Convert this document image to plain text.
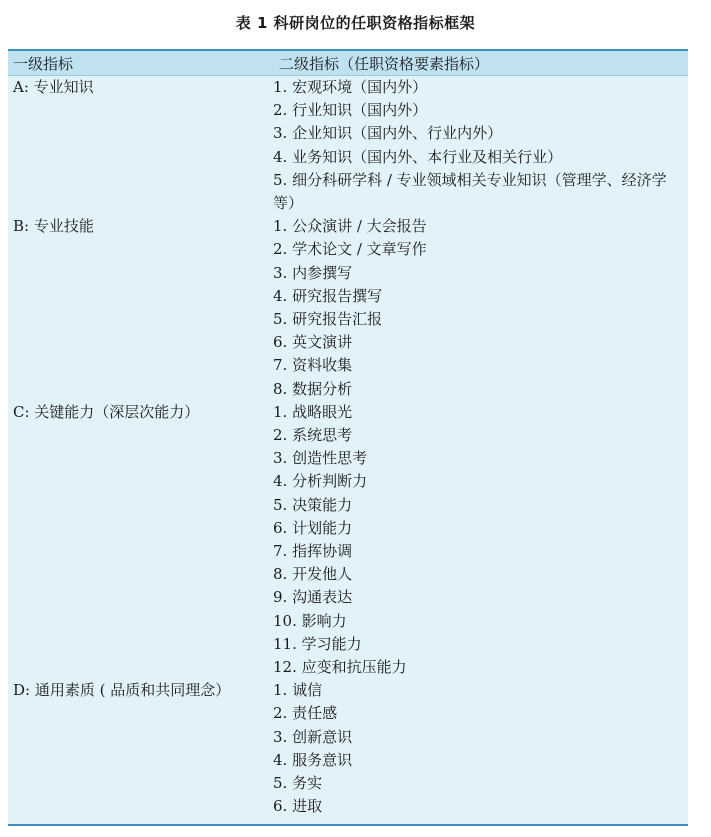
表 1 科研岗位的任职资格指标框架
一级指标	二级指标（任职资格要素指标）
A: 专业知识	1. 宏观环境（国内外）
2. 行业知识（国内外）
3. 企业知识（国内外、行业内外）
4. 业务知识（国内外、本行业及相关行业）
5. 细分科研学科 / 专业领域相关专业知识（管理学、经济学等）
B: 专业技能	1. 公众演讲 / 大会报告
2. 学术论文 / 文章写作
3. 内参撰写
4. 研究报告撰写
5. 研究报告汇报
6. 英文演讲
7. 资料收集
8. 数据分析
C: 关键能力（深层次能力）	1. 战略眼光
2. 系统思考
3. 创造性思考
4. 分析判断力
5. 决策能力
6. 计划能力
7. 指挥协调
8. 开发他人
9. 沟通表达
10. 影响力
11. 学习能力
12. 应变和抗压能力
D: 通用素质 ( 品质和共同理念）	1. 诚信
2. 责任感
3. 创新意识
4. 服务意识
5. 务实
6. 进取
